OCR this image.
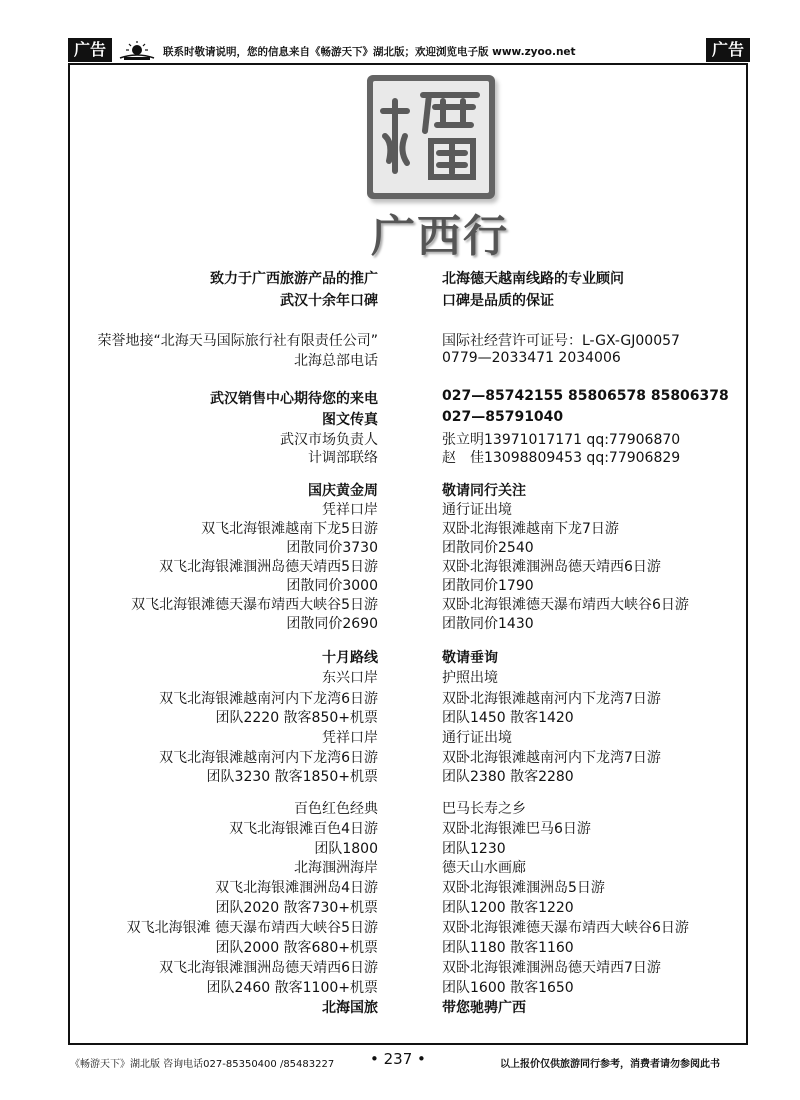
广告	联系时敬请说明，您的信息来自《畅游天下》湖北版；欢迎浏览电子版 www.zyoo.net	广告
广西行
致力于广西旅游产品的推广	北海德天越南线路的专业顾问
武汉十余年口碑	口碑是品质的保证
荣誉地接“北海天马国际旅行社有限责任公司”	国际社经营许可证号：L-GX-GJ00057
北海总部电话	0779—2033471 2034006
武汉销售中心期待您的来电	027—85742155 85806578 85806378
图文传真	027—85791040
武汉市场负责人	张立明13971017171 qq:77906870
计调部联络	赵　佳13098809453 qq:77906829
国庆黄金周	敬请同行关注
凭祥口岸	通行证出境
双飞北海银滩越南下龙5日游	双卧北海银滩越南下龙7日游
团散同价3730	团散同价2540
双飞北海银滩涠洲岛德天靖西5日游	双卧北海银滩涠洲岛德天靖西6日游
团散同价3000	团散同价1790
双飞北海银滩德天瀑布靖西大峡谷5日游	双卧北海银滩德天瀑布靖西大峡谷6日游
团散同价2690	团散同价1430
十月路线	敬请垂询
东兴口岸	护照出境
双飞北海银滩越南河内下龙湾6日游	双卧北海银滩越南河内下龙湾7日游
团队2220 散客850+机票	团队1450 散客1420
凭祥口岸	通行证出境
双飞北海银滩越南河内下龙湾6日游	双卧北海银滩越南河内下龙湾7日游
团队3230 散客1850+机票	团队2380 散客2280
百色红色经典	巴马长寿之乡
双飞北海银滩百色4日游	双卧北海银滩巴马6日游
团队1800	团队1230
北海涠洲海岸	德天山水画廊
双飞北海银滩涠洲岛4日游	双卧北海银滩涠洲岛5日游
团队2020 散客730+机票	团队1200 散客1220
双飞北海银滩 德天瀑布靖西大峡谷5日游	双卧北海银滩德天瀑布靖西大峡谷6日游
团队2000 散客680+机票	团队1180 散客1160
双飞北海银滩涠洲岛德天靖西6日游	双卧北海银滩涠洲岛德天靖西7日游
团队2460 散客1100+机票	团队1600 散客1650
北海国旅	带您驰骋广西
《畅游天下》湖北版 咨询电话027-85350400 /85483227 • 237 •	以上报价仅供旅游同行参考，消费者请勿参阅此书
